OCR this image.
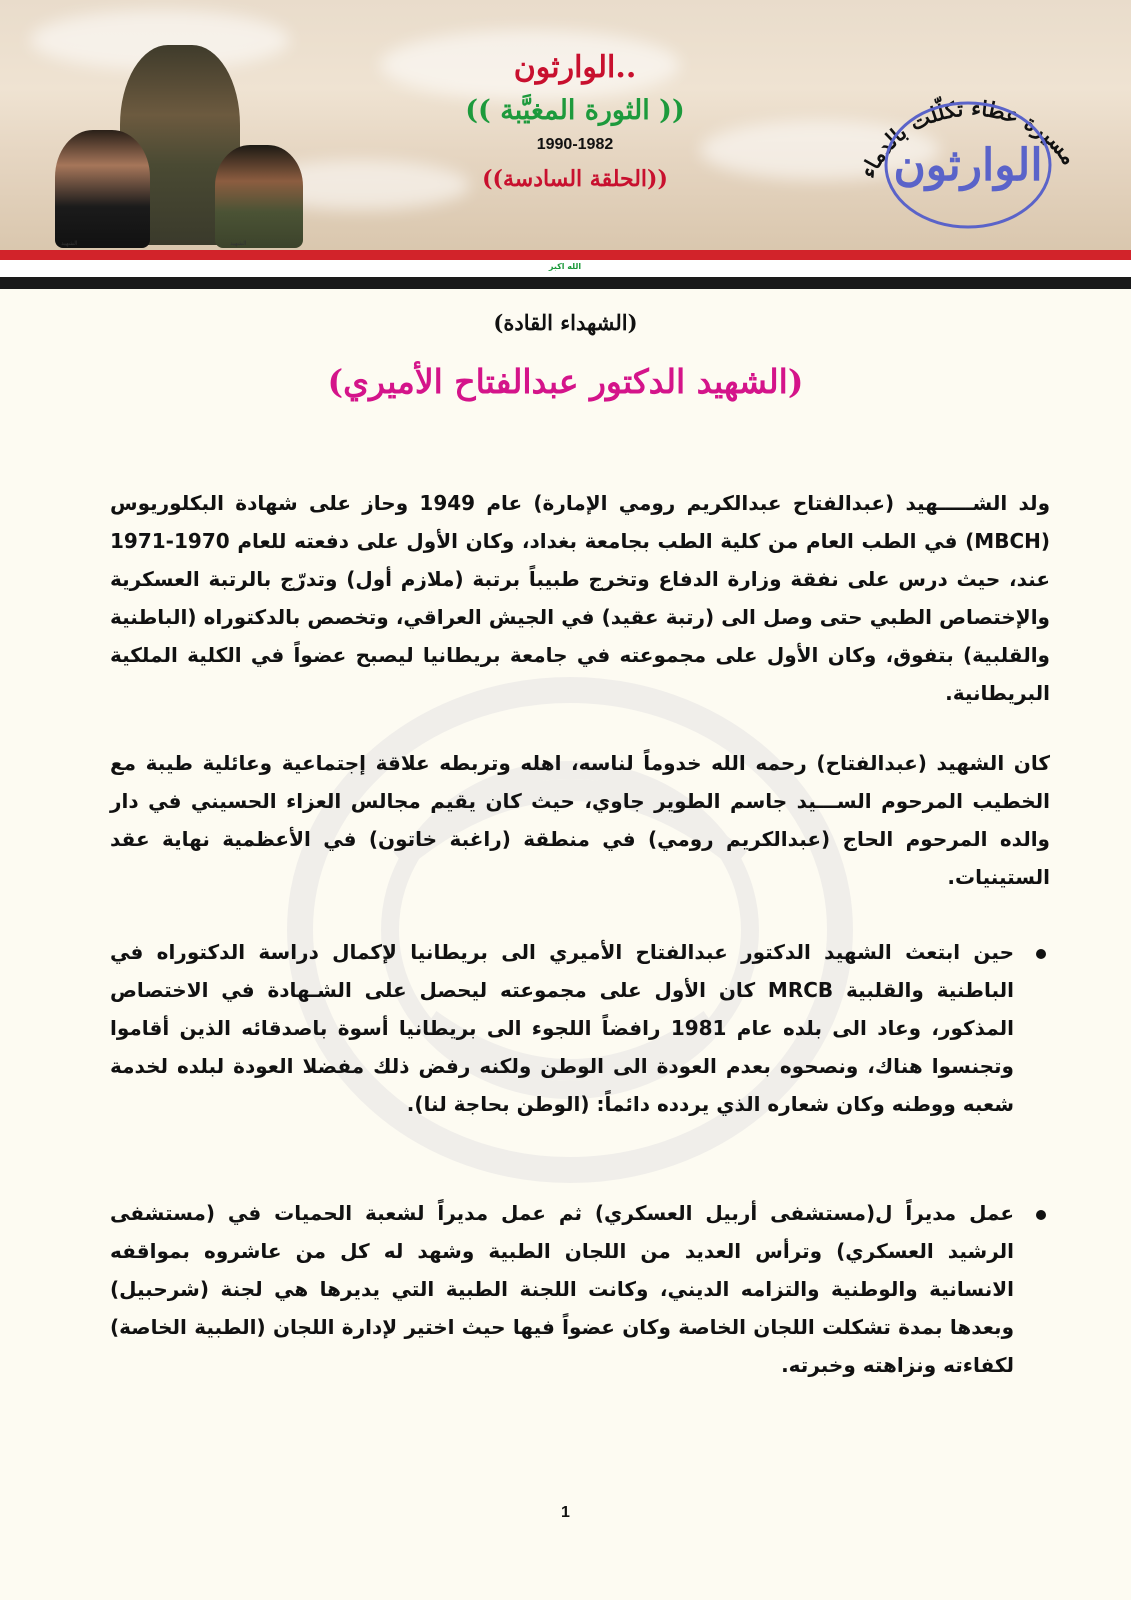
الشهيد	الشهيد
الوارثون..
(( الثورة المغيَّبة ))
1990-1982
((الحلقة السادسة))	مسيرة عطاء تكلّلت بالدماء
الوارثون
الله اكبر
(الشهداء القادة)
(الشهيد الدكتور عبدالفتاح الأميري)
ولد الشـــــهيد (عبدالفتاح عبدالكريم رومي الإمارة) عام 1949 وحاز على شهادة البكلوريوس (MBCH) في الطب العام من كلية الطب بجامعة بغداد، وكان الأول على دفعته للعام 1970-1971 عند، حيث درس على نفقة وزارة الدفاع وتخرج طبيباً برتبة (ملازم أول) وتدرّج بالرتبة العسكرية والإختصاص الطبي حتى وصل الى (رتبة عقيد) في الجيش العراقي، وتخصص بالدكتوراه (الباطنية والقلبية) بتفوق، وكان الأول على مجموعته في جامعة بريطانيا ليصبح عضواً في الكلية الملكية البريطانية.
كان الشهيد (عبدالفتاح) رحمه الله خدوماً لناسه، اهله وتربطه علاقة إجتماعية وعائلية طيبة مع الخطيب المرحوم الســـيد جاسم الطوير جاوي، حيث كان يقيم مجالس العزاء الحسيني في دار والده المرحوم الحاج (عبدالكريم رومي) في منطقة (راغبة خاتون) في الأعظمية نهاية عقد الستينيات.
حين ابتعث الشهيد الدكتور عبدالفتاح الأميري الى بريطانيا لإكمال دراسة الدكتوراه في الباطنية والقلبية MRCB كان الأول على مجموعته ليحصل على الشـهادة في الاختصاص المذكور، وعاد الى بلده عام 1981 رافضاً اللجوء الى بريطانيا أسوة باصدقائه الذين أقاموا وتجنسوا هناك، ونصحوه بعدم العودة الى الوطن ولكنه رفض ذلك مفضلا العودة لبلده لخدمة شعبه ووطنه وكان شعاره الذي يردده دائماً: (الوطن بحاجة لنا).
عمل مديراً ل(مستشفى أربيل العسكري) ثم عمل مديراً لشعبة الحميات في (مستشفى الرشيد العسكري) وترأس العديد من اللجان الطبية وشهد له كل من عاشروه بمواقفه الانسانية والوطنية والتزامه الديني، وكانت اللجنة الطبية التي يديرها هي لجنة (شرحبيل) وبعدها بمدة تشكلت اللجان الخاصة وكان عضواً فيها حيث اختير لإدارة اللجان (الطبية الخاصة) لكفاءته ونزاهته وخبرته.
1
